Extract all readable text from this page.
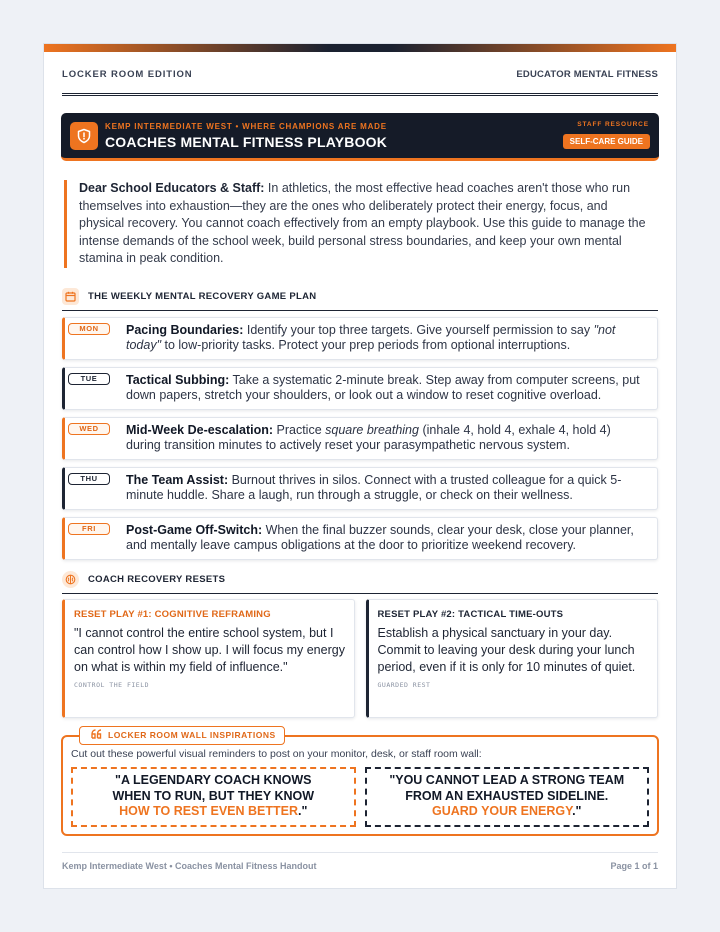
LOCKER ROOM EDITION	EDUCATOR MENTAL FITNESS
KEMP INTERMEDIATE WEST • WHERE CHAMPIONS ARE MADE
COACHES MENTAL FITNESS PLAYBOOK
STAFF RESOURCE
SELF-CARE GUIDE
Dear School Educators & Staff: In athletics, the most effective head coaches aren't those who run themselves into exhaustion—they are the ones who deliberately protect their energy, focus, and physical recovery. You cannot coach effectively from an empty playbook. Use this guide to manage the intense demands of the school week, build personal stress boundaries, and keep your own mental stamina in peak condition.
THE WEEKLY MENTAL RECOVERY GAME PLAN
MON	Pacing Boundaries: Identify your top three targets. Give yourself permission to say "not today" to low-priority tasks. Protect your prep periods from optional interruptions.
TUE	Tactical Subbing: Take a systematic 2-minute break. Step away from computer screens, put down papers, stretch your shoulders, or look out a window to reset cognitive overload.
WED	Mid-Week De-escalation: Practice square breathing (inhale 4, hold 4, exhale 4, hold 4) during transition minutes to actively reset your parasympathetic nervous system.
THU	The Team Assist: Burnout thrives in silos. Connect with a trusted colleague for a quick 5-minute huddle. Share a laugh, run through a struggle, or check on their wellness.
FRI	Post-Game Off-Switch: When the final buzzer sounds, clear your desk, close your planner, and mentally leave campus obligations at the door to prioritize weekend recovery.
COACH RECOVERY RESETS
RESET PLAY #1: COGNITIVE REFRAMING
"I cannot control the entire school system, but I can control how I show up. I will focus my energy on what is within my field of influence."
CONTROL THE FIELD
RESET PLAY #2: TACTICAL TIME-OUTS
Establish a physical sanctuary in your day. Commit to leaving your desk during your lunch period, even if it is only for 10 minutes of quiet.
GUARDED REST
LOCKER ROOM WALL INSPIRATIONS
Cut out these powerful visual reminders to post on your monitor, desk, or staff room wall:
"A LEGENDARY COACH KNOWS
WHEN TO RUN, BUT THEY KNOW
HOW TO REST EVEN BETTER."
"YOU CANNOT LEAD A STRONG TEAM
FROM AN EXHAUSTED SIDELINE.
GUARD YOUR ENERGY."
Kemp Intermediate West • Coaches Mental Fitness Handout	Page 1 of 1
